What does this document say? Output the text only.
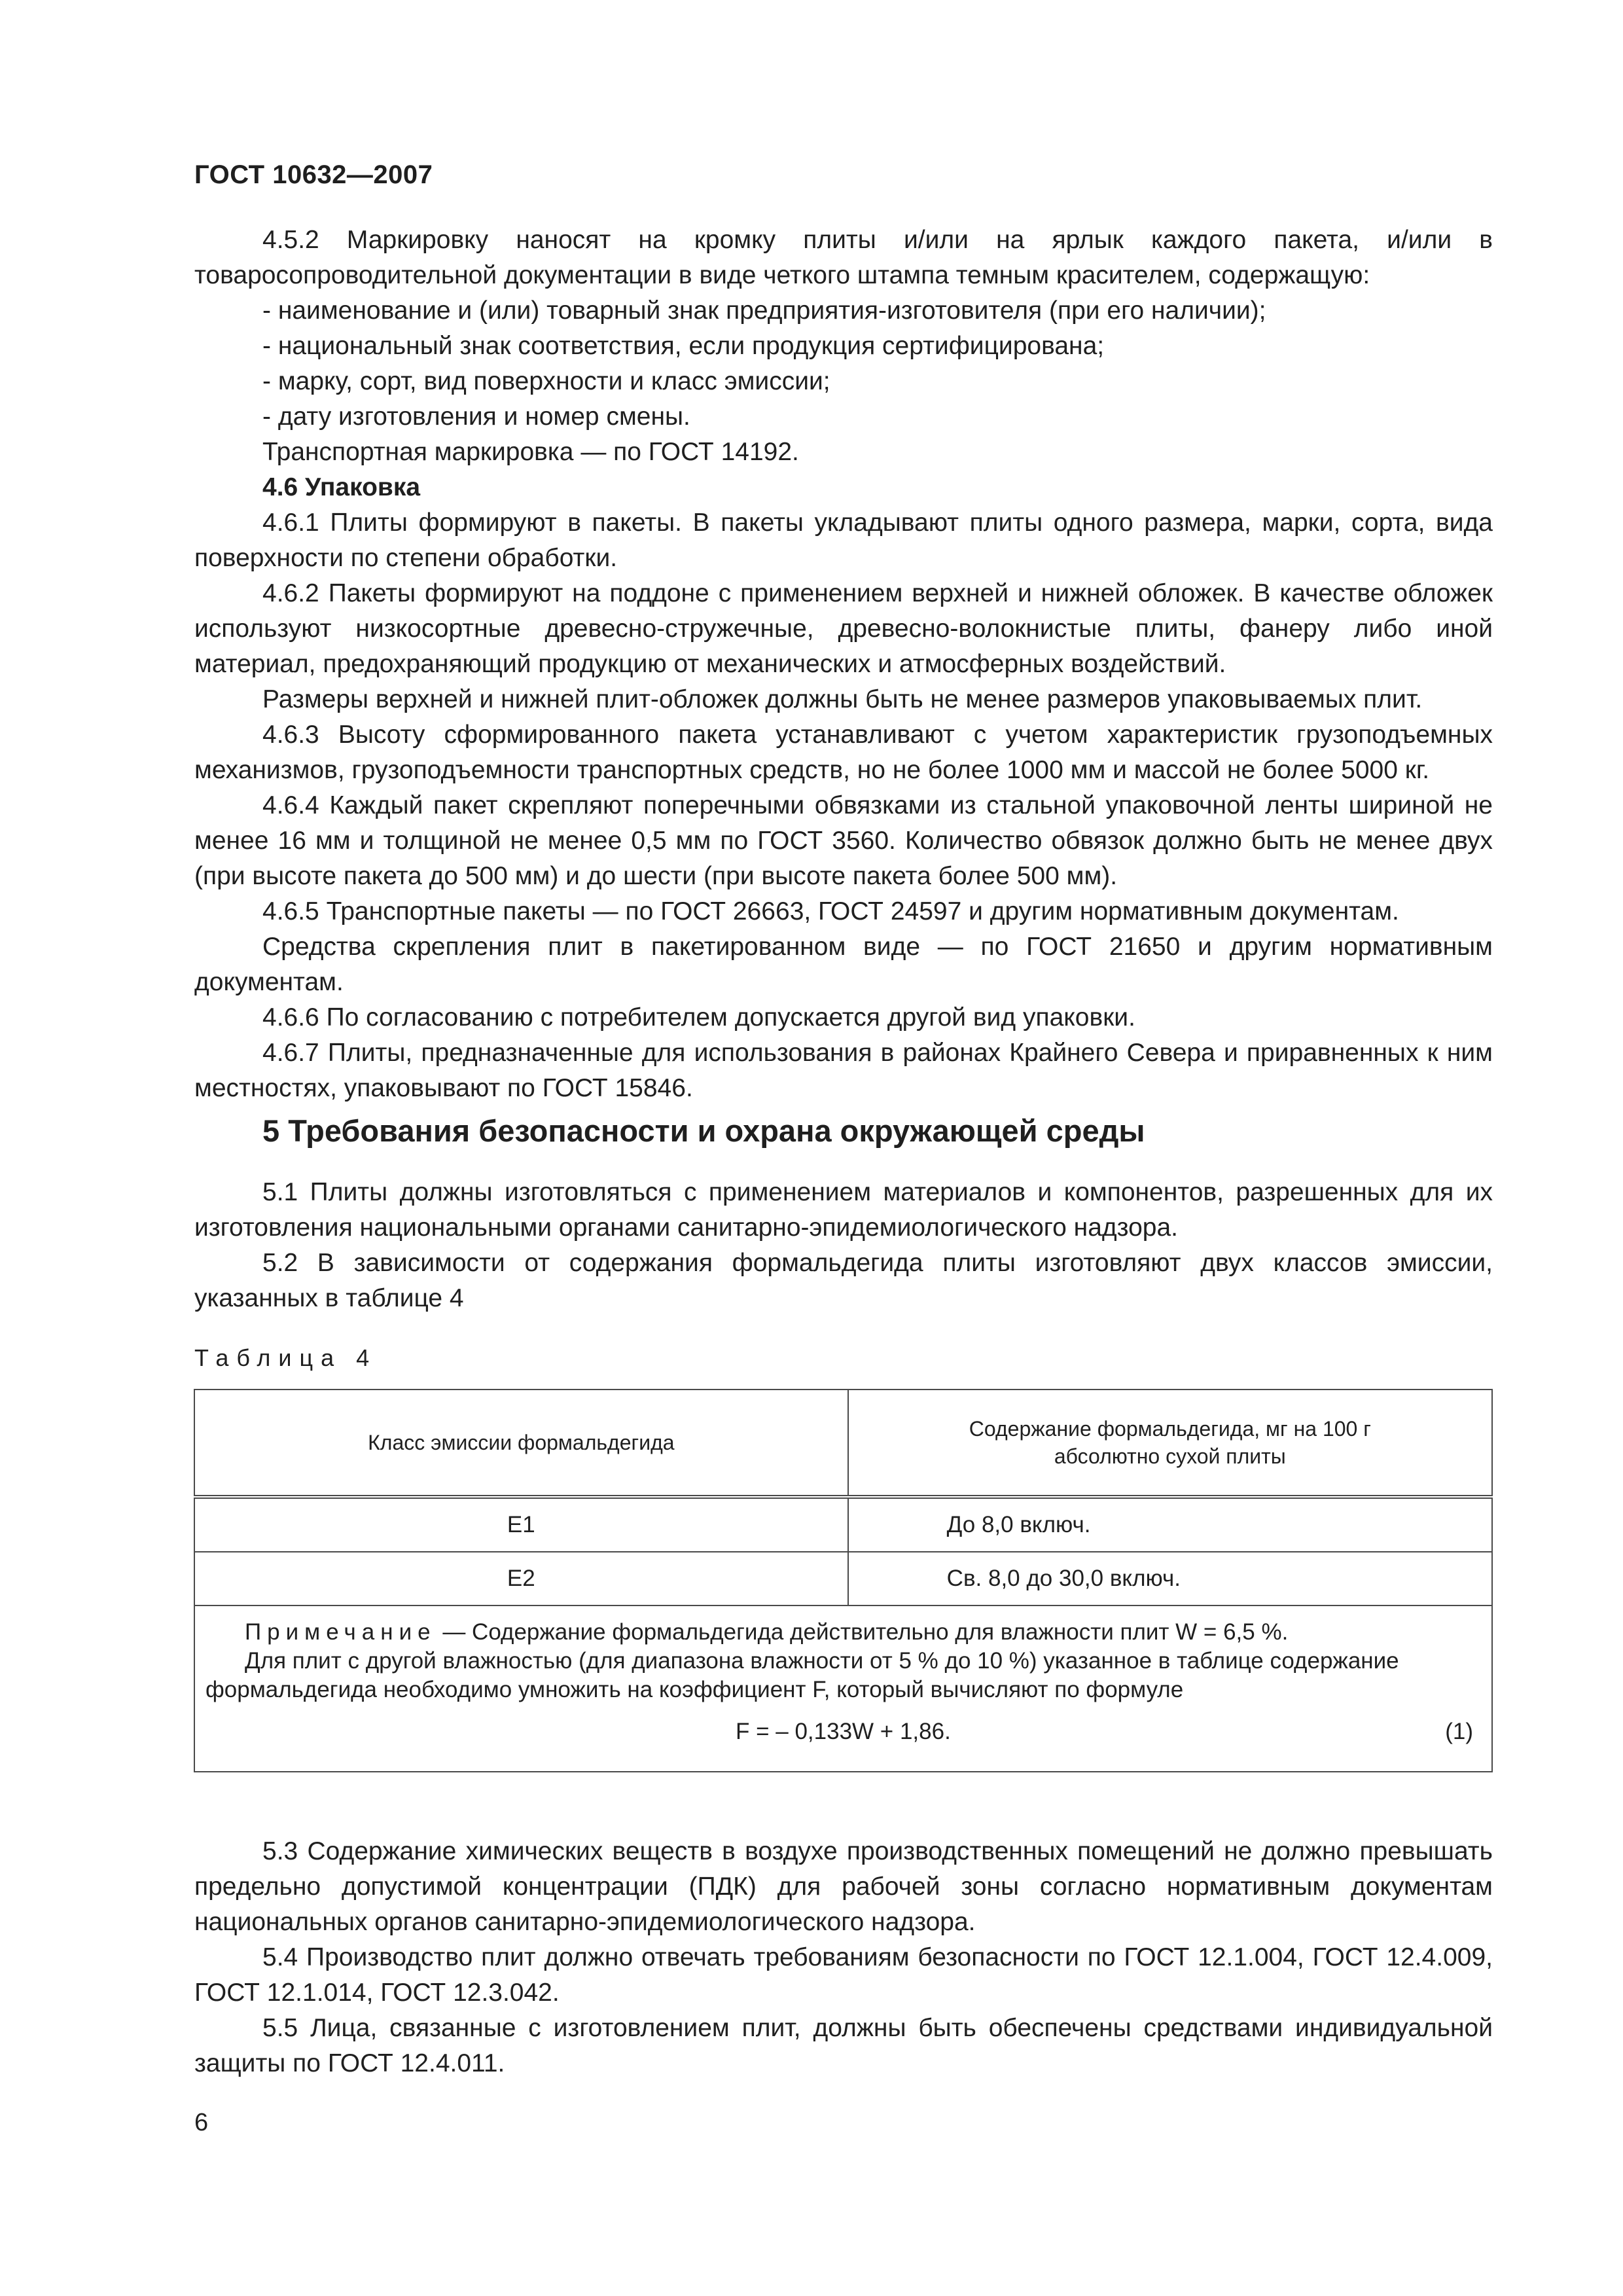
ГОСТ 10632—2007

4.5.2 Маркировку наносят на кромку плиты и/или на ярлык каждого пакета, и/или в товаросопроводительной документации в виде четкого штампа темным красителем, содержащую:

- наименование и (или) товарный знак предприятия-изготовителя (при его наличии);

- национальный знак соответствия, если продукция сертифицирована;

- марку, сорт, вид поверхности и класс эмиссии;

- дату изготовления и номер смены.

Транспортная маркировка — по ГОСТ 14192.

4.6 Упаковка

4.6.1 Плиты формируют в пакеты. В пакеты укладывают плиты одного размера, марки, сорта, вида поверхности по степени обработки.

4.6.2 Пакеты формируют на поддоне с применением верхней и нижней обложек. В качестве обложек используют низкосортные древесно-стружечные, древесно-волокнистые плиты, фанеру либо иной материал, предохраняющий продукцию от механических и атмосферных воздействий.

Размеры верхней и нижней плит-обложек должны быть не менее размеров упаковываемых плит.

4.6.3 Высоту сформированного пакета устанавливают с учетом характеристик грузоподъемных механизмов, грузоподъемности транспортных средств, но не более 1000 мм и массой не более 5000 кг.

4.6.4 Каждый пакет скрепляют поперечными обвязками из стальной упаковочной ленты шириной не менее 16 мм и толщиной не менее 0,5 мм по ГОСТ 3560. Количество обвязок должно быть не менее двух (при высоте пакета до 500 мм) и до шести (при высоте пакета более 500 мм).

4.6.5 Транспортные пакеты — по ГОСТ 26663, ГОСТ 24597 и другим нормативным документам.

Средства скрепления плит в пакетированном виде — по ГОСТ 21650 и другим нормативным документам.

4.6.6 По согласованию с потребителем допускается другой вид упаковки.

4.6.7 Плиты, предназначенные для использования в районах Крайнего Севера и приравненных к ним местностях, упаковывают по ГОСТ 15846.

5 Требования безопасности и охрана окружающей среды

5.1 Плиты должны изготовляться с применением материалов и компонентов, разрешенных для их изготовления национальными органами санитарно-эпидемиологического надзора.

5.2 В зависимости от содержания формальдегида плиты изготовляют двух классов эмиссии, указанных в таблице 4

Таблица 4
Класс эмиссии формальдегида	Содержание формальдегида, мг на 100 г абсолютно сухой плиты
E1	До 8,0 включ.
E2	Св. 8,0 до 30,0 включ.

Примечание — Содержание формальдегида действительно для влажности плит W = 6,5 %.
Для плит с другой влажностью (для диапазона влажности от 5 % до 10 %) указанное в таблице содержание формальдегида необходимо умножить на коэффициент F, который вычисляют по формуле
F = – 0,133W + 1,86. (1)	

5.3 Содержание химических веществ в воздухе производственных помещений не должно превышать предельно допустимой концентрации (ПДК) для рабочей зоны согласно нормативным документам национальных органов санитарно-эпидемиологического надзора.

5.4 Производство плит должно отвечать требованиям безопасности по ГОСТ 12.1.004, ГОСТ 12.4.009, ГОСТ 12.1.014, ГОСТ 12.3.042.

5.5 Лица, связанные с изготовлением плит, должны быть обеспечены средствами индивидуальной защиты по ГОСТ 12.4.011.

6
